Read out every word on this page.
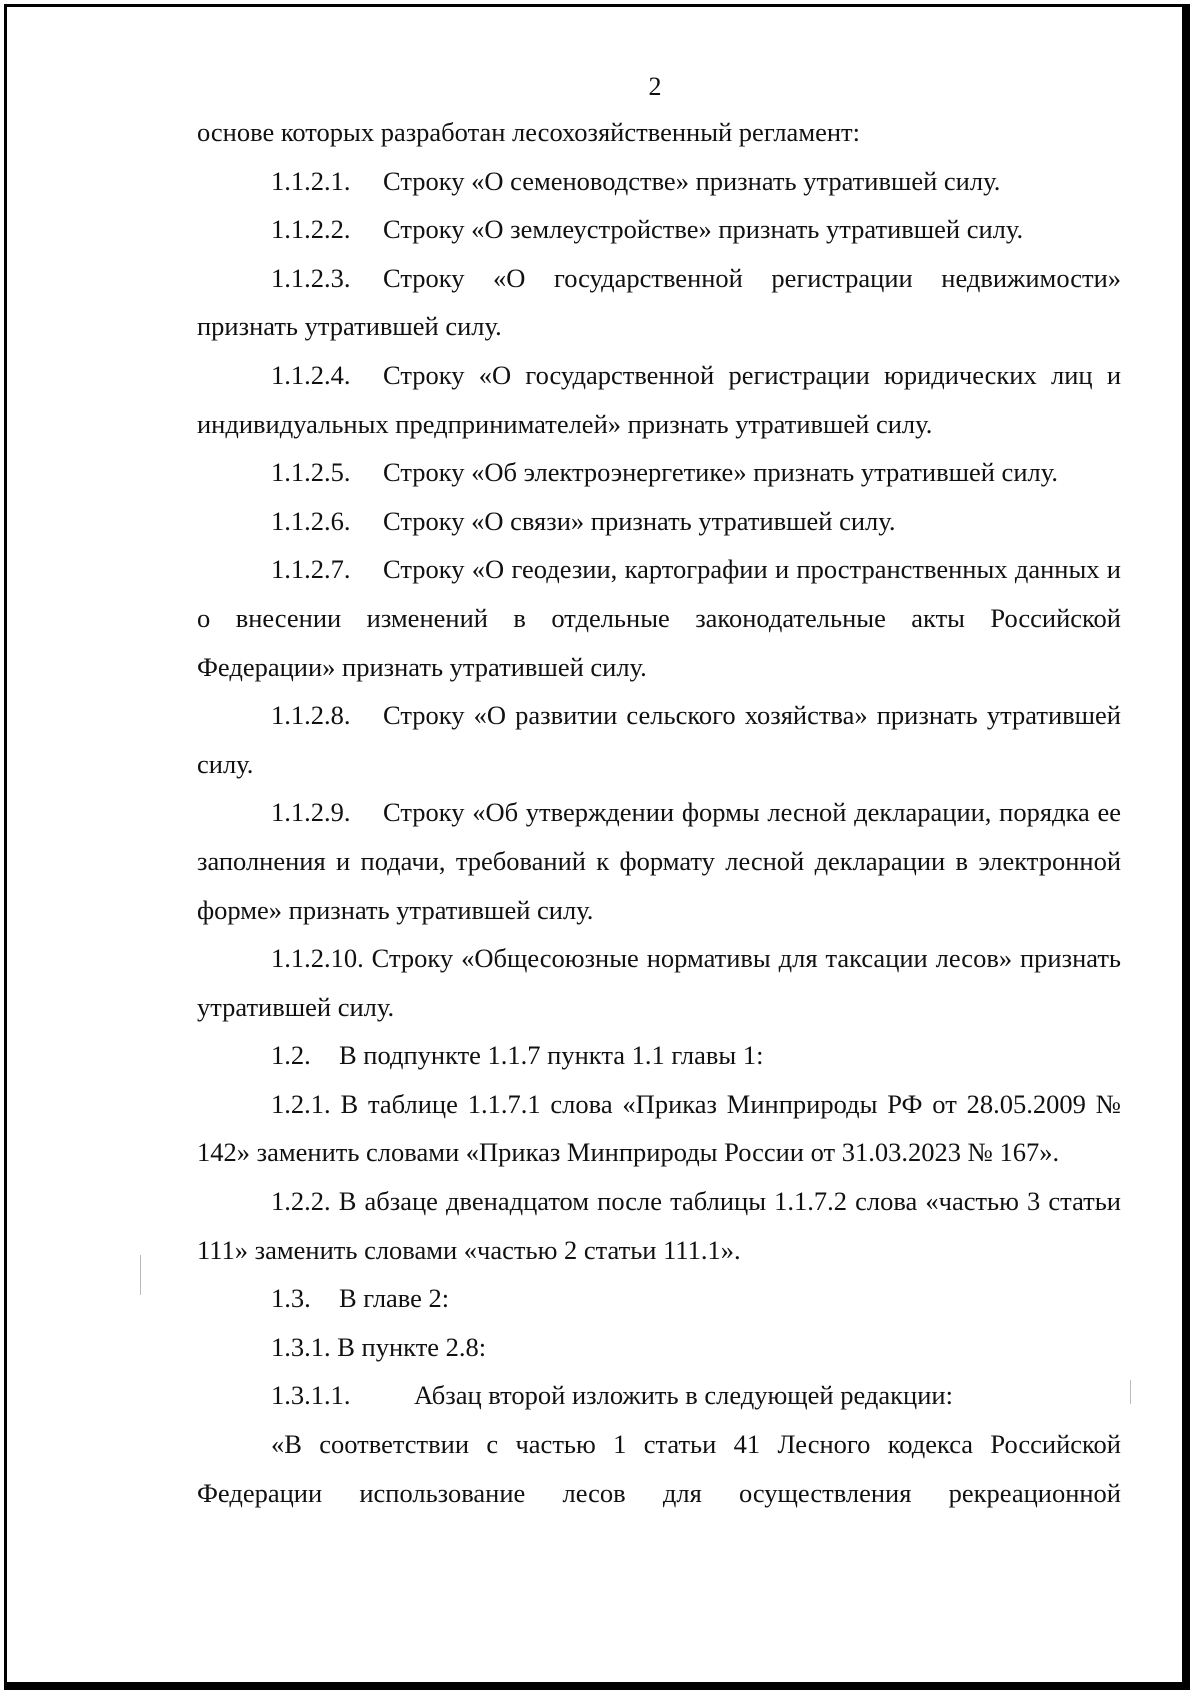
2

основе которых разработан лесохозяйственный регламент:

1.1.2.1. Строку «О семеноводстве» признать утратившей силу.

1.1.2.2. Строку «О землеустройстве» признать утратившей силу.

1.1.2.3. Строку «О государственной регистрации недвижимости» признать утратившей силу.

1.1.2.4. Строку «О государственной регистрации юридических лиц и индивидуальных предпринимателей» признать утратившей силу.

1.1.2.5. Строку «Об электроэнергетике» признать утратившей силу.

1.1.2.6. Строку «О связи» признать утратившей силу.

1.1.2.7. Строку «О геодезии, картографии и пространственных данных и о внесении изменений в отдельные законодательные акты Российской Федерации» признать утратившей силу.

1.1.2.8. Строку «О развитии сельского хозяйства» признать утратившей силу.

1.1.2.9. Строку «Об утверждении формы лесной декларации, порядка ее заполнения и подачи, требований к формату лесной декларации в электронной форме» признать утратившей силу.

1.1.2.10. Строку «Общесоюзные нормативы для таксации лесов» признать утратившей силу.

1.2. В подпункте 1.1.7 пункта 1.1 главы 1:

1.2.1. В таблице 1.1.7.1 слова «Приказ Минприроды РФ от 28.05.2009 № 142» заменить словами «Приказ Минприроды России от 31.03.2023 № 167».

1.2.2. В абзаце двенадцатом после таблицы 1.1.7.2 слова «частью 3 статьи 111» заменить словами «частью 2 статьи 111.1».

1.3. В главе 2:

1.3.1. В пункте 2.8:

1.3.1.1. Абзац второй изложить в следующей редакции:

«В соответствии с частью 1 статьи 41 Лесного кодекса Российской Федерации использование лесов для осуществления рекреационной
